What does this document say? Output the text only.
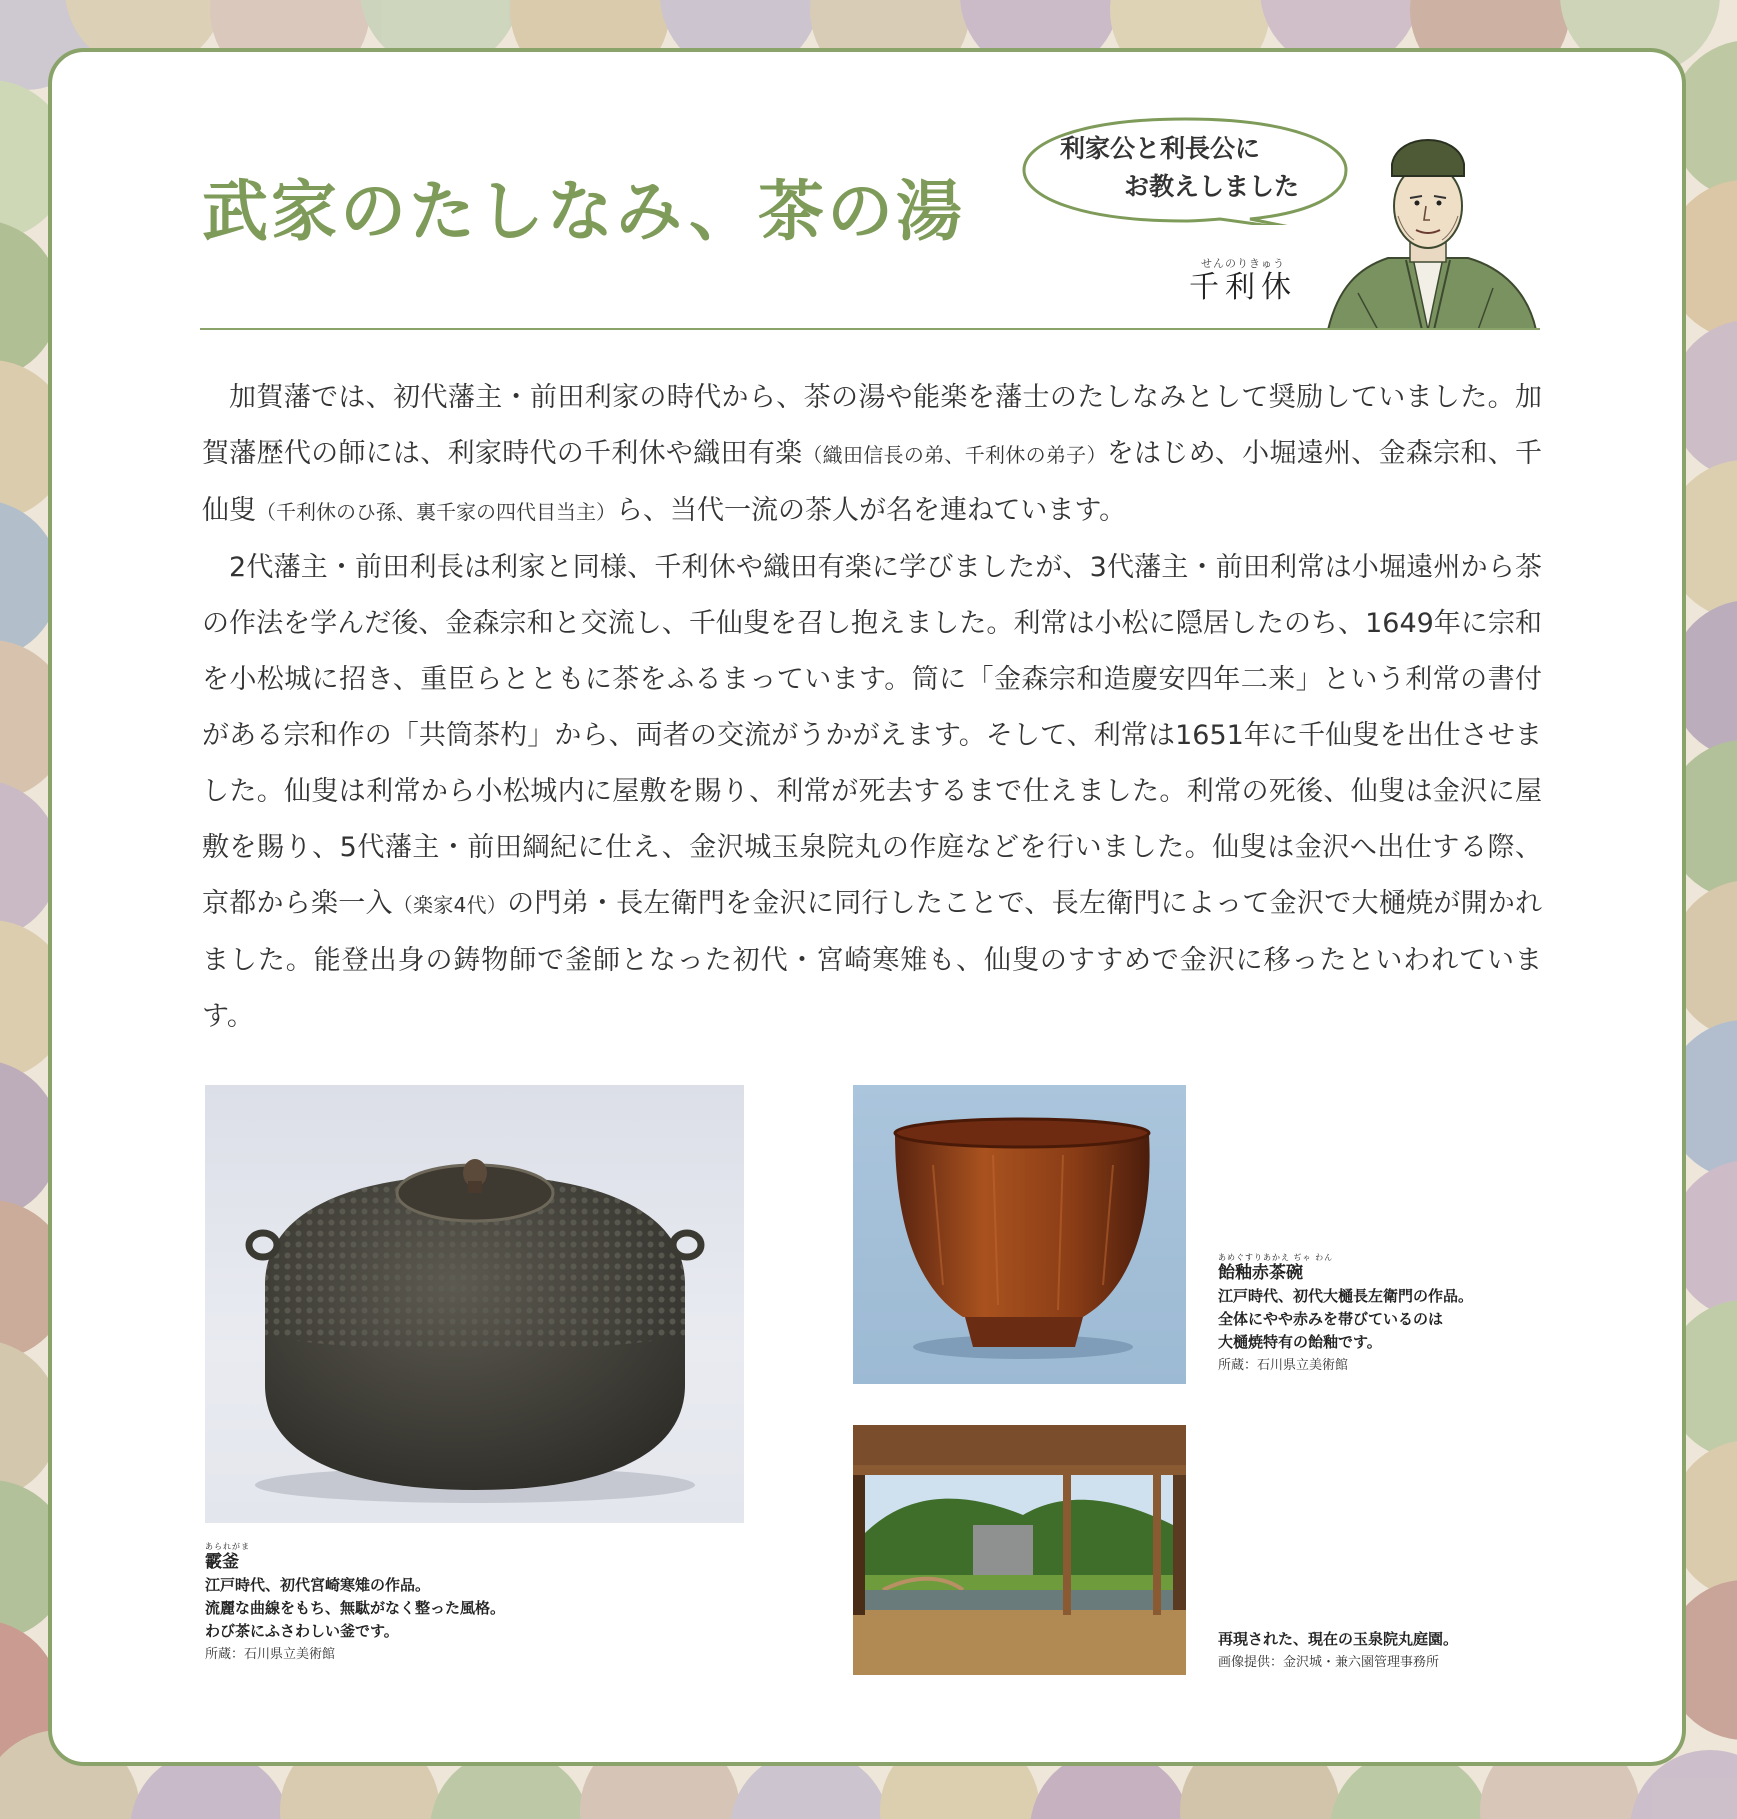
武家のたしなみ、茶の湯
利家公と利長公に
お教えしました
せんのりきゅう
千利休

加賀藩では、初代藩主・前田利家の時代から、茶の湯や能楽を藩士のたしなみとして奨励していました。加賀藩歴代の師には、利家時代の千利休や織田有楽（織田信長の弟、千利休の弟子）をはじめ、小堀遠州、金森宗和、千仙叟（千利休のひ孫、裏千家の四代目当主）ら、当代一流の茶人が名を連ねています。

2代藩主・前田利長は利家と同様、千利休や織田有楽に学びましたが、3代藩主・前田利常は小堀遠州から茶の作法を学んだ後、金森宗和と交流し、千仙叟を召し抱えました。利常は小松に隠居したのち、1649年に宗和を小松城に招き、重臣らとともに茶をふるまっています。筒に「金森宗和造慶安四年二来」という利常の書付がある宗和作の「共筒茶杓」から、両者の交流がうかがえます。そして、利常は1651年に千仙叟を出仕させました。仙叟は利常から小松城内に屋敷を賜り、利常が死去するまで仕えました。利常の死後、仙叟は金沢に屋敷を賜り、5代藩主・前田綱紀に仕え、金沢城玉泉院丸の作庭などを行いました。仙叟は金沢へ出仕する際、京都から楽一入（楽家4代）の門弟・長左衛門を金沢に同行したことで、長左衛門によって金沢で大樋焼が開かれました。能登出身の鋳物師で釜師となった初代・宮崎寒雉も、仙叟のすすめで金沢に移ったといわれています。

あられがま
霰釜
江戸時代、初代宮崎寒雉の作品。
流麗な曲線をもち、無駄がなく整った風格。
わび茶にふさわしい釜です。
所蔵：石川県立美術館
あめぐすりあかえ ぢゃ わん
飴釉赤茶碗
江戸時代、初代大樋長左衛門の作品。
全体にやや赤みを帯びているのは
大樋焼特有の飴釉です。
所蔵：石川県立美術館
再現された、現在の玉泉院丸庭園。
画像提供：金沢城・兼六園管理事務所
